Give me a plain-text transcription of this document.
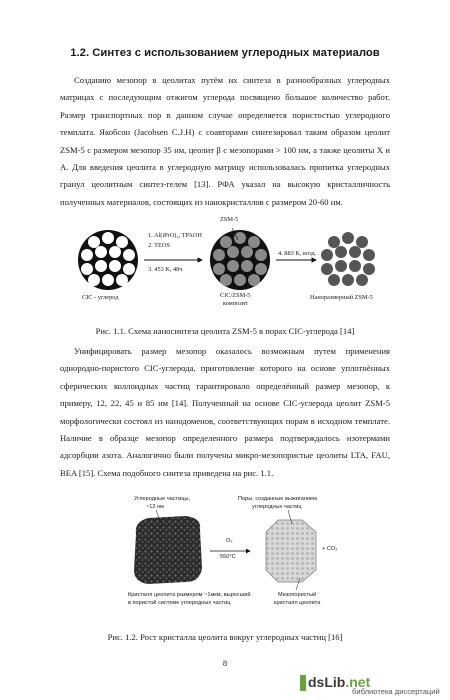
1.2. Синтез с использованием углеродных материалов
Созданию мезопор в цеолитах путём их синтеза в разнообразных углеродных
матрицах с последующим отжигом углерода посвящено большое количество работ.
Размер транспортных пор в данном случае определяется пористостью углеродного
темплата. Якобсон (Jacobsen C.J.H) с соавторами синтезировал таким образом цеолит
ZSM-5 с размером мезопор 35 нм, цеолит β с мезопорами > 100 нм, а также цеолиты X и
A. Для введения цеолита в углеродную матрицу использовалась пропитка углеродных
гранул цеолитным синтез-гелем [13]. РФА указал на высокую кристалличность
полученных материалов, состоящих из нанокристаллов с размером 20-60 нм.
ZSM-5
1. Al(iPrO)₃, TPAOH
2. TEOS
3. 453 K, 48ч
4. 883 K, возд.
CIC - углерод	CIC/ZSM-5
композит
Наноразмерный ZSM-5
Рис. 1.1. Схема наносинтеза цеолита ZSM-5 в порах CIC-углерода [14]
Унифицировать размер мезопор оказалось возможным путем применения
однородно-пористого CIC-углерода, приготовление которого на основе уплотнённых
сферических коллоидных частиц гарантировало определённый размер мезопор, к
примеру, 12, 22, 45 и 85 нм [14]. Полученный на основе CIC-углерода цеолит ZSM-5
морфологически состоял из нанодоменов, соответствующих порам в исходном темплате.
Наличие в образце мезопор определенного размера подтверждалось изотермами
адсорбции азота. Аналогично были получены микро-мезопористые цеолиты LTA, FAU,
BEA [15]. Схема подобного синтеза приведена на рис. 1.1.
Углеродные частицы,
~12 нм
Поры, созданные выжиганием
углеродных частиц
O₂
550°C
+ CO₂
Кристалл цеолита размером ~1мкм, выросший
в пористой системе углеродных частиц
Мезопористый
кристалл цеолита
Рис. 1.2. Рост кристалла цеолита вокруг углеродных частиц [16]
8
dsLib.net
библиотека диссертаций
